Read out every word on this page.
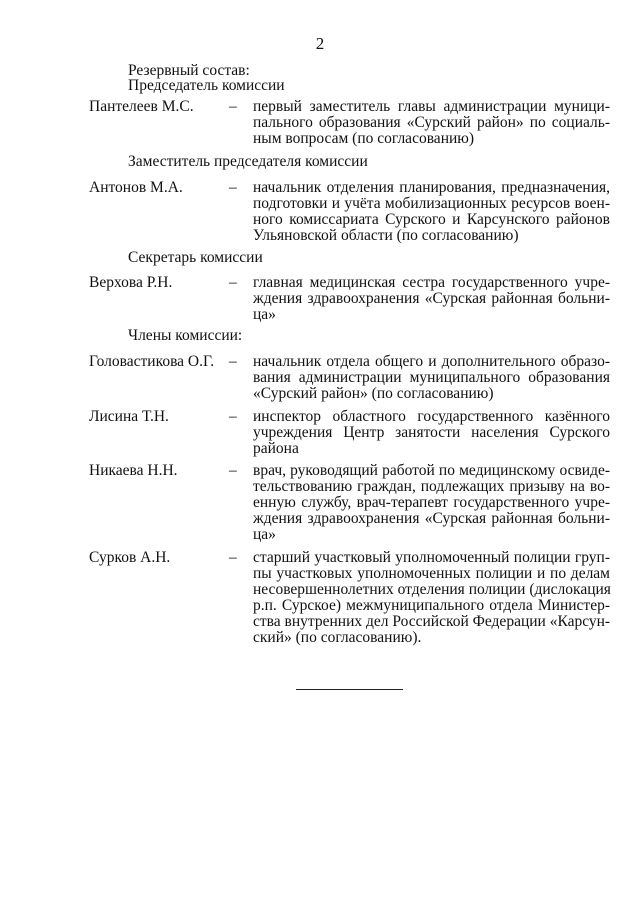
2
Резервный состав:
Председатель комиссии
Пантелеев М.С. – первый заместитель главы администрации муници-
пального образования «Сурский район» по социаль-
ным вопросам (по согласованию)
Заместитель председателя комиссии
Антонов М.А.	– начальник отделения планирования, предназначения,
подготовки и учёта мобилизационных ресурсов воен-
ного комиссариата Сурского и Карсунского районов
Ульяновской области (по согласованию)
Секретарь комиссии
Верхова Р.Н.	– главная медицинская сестра государственного учре-
ждения здравоохранения «Сурская районная больни-
ца»
Члены комиссии:
Головастикова О.Г. – начальник отдела общего и дополнительного образо-
вания администрации муниципального образования
«Сурский район» (по согласованию)
Лисина Т.Н.	– инспектор областного государственного казённого
учреждения Центр занятости населения Сурского
района
Никаева Н.Н.	– врач, руководящий работой по медицинскому освиде-
тельствованию граждан, подлежащих призыву на во-
енную службу, врач-терапевт государственного учре-
ждения здравоохранения «Сурская районная больни-
ца»
Сурков А.Н.	– старший участковый уполномоченный полиции груп-
пы участковых уполномоченных полиции и по делам
несовершеннолетних отделения полиции (дислокация
р.п. Сурское) межмуниципального отдела Министер-
ства внутренних дел Российской Федерации «Карсун-
ский» (по согласованию).
